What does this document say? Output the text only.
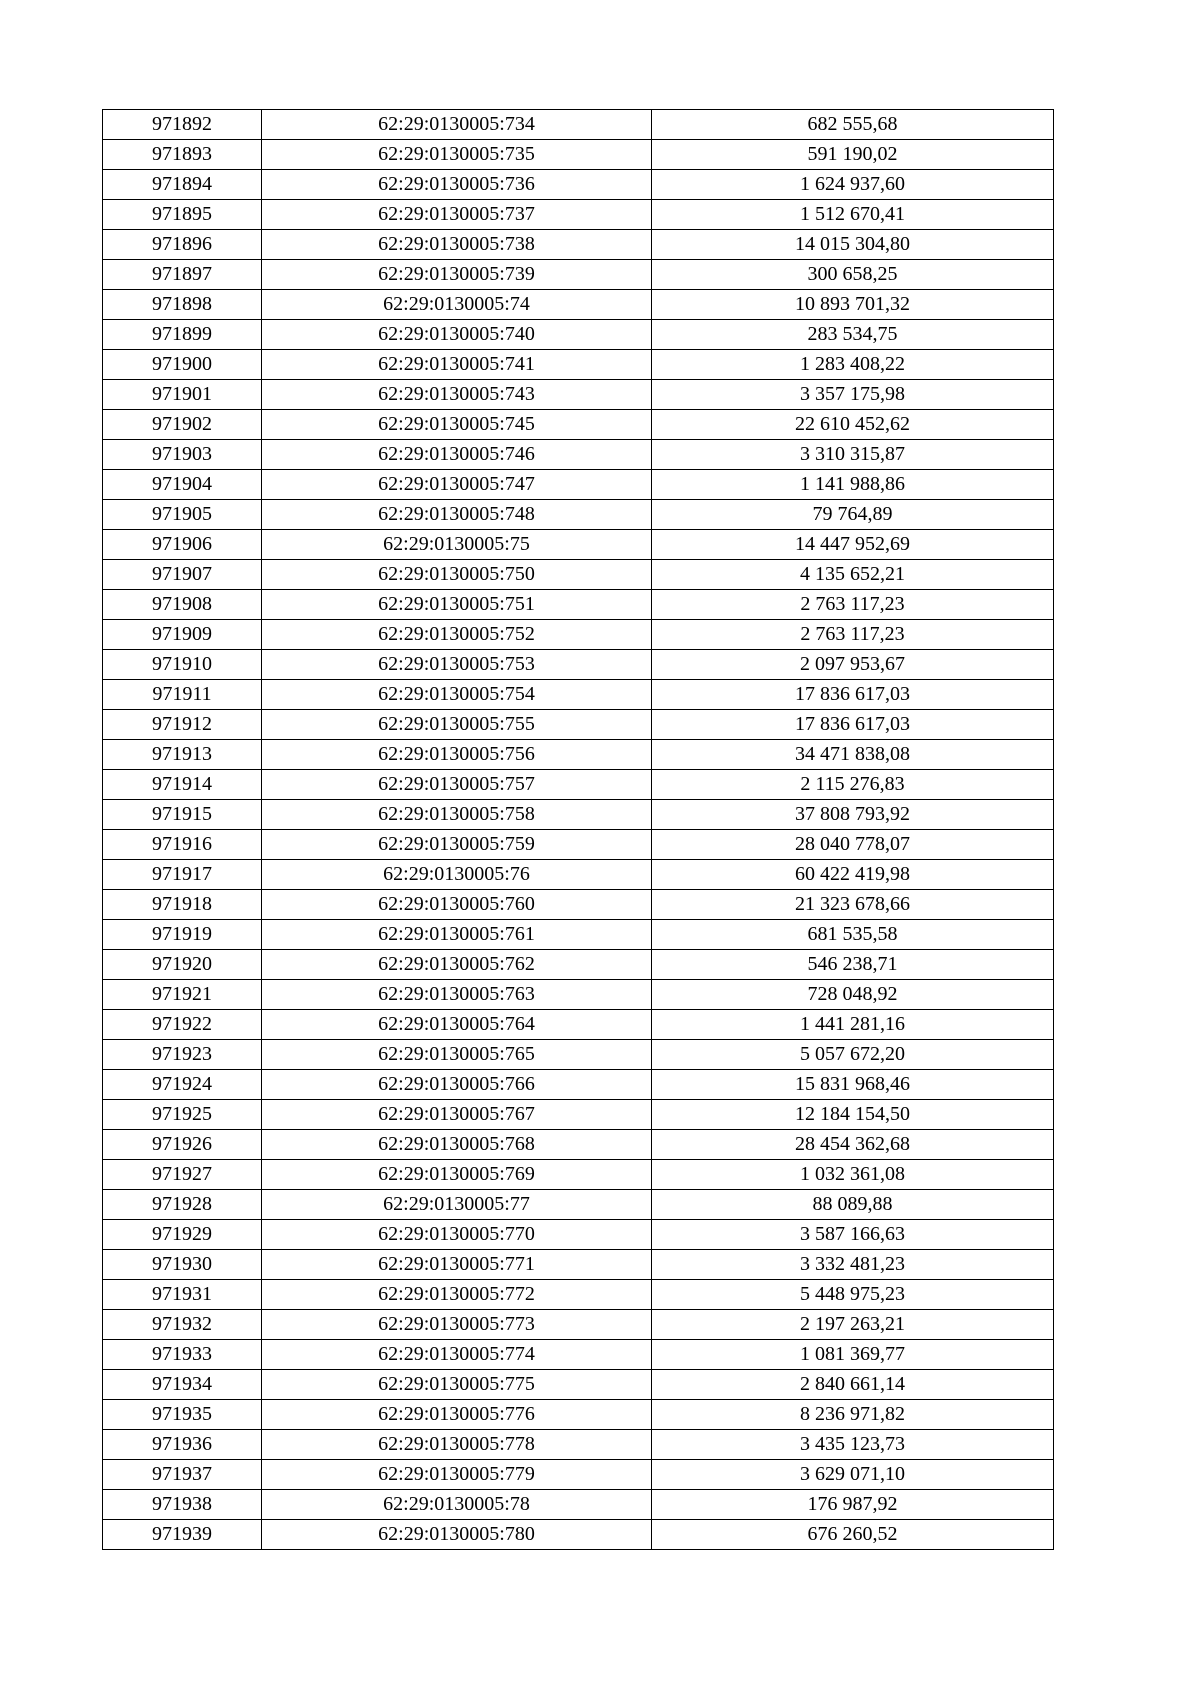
971892	62:29:0130005:734	682 555,68
971893	62:29:0130005:735	591 190,02
971894	62:29:0130005:736	1 624 937,60
971895	62:29:0130005:737	1 512 670,41
971896	62:29:0130005:738	14 015 304,80
971897	62:29:0130005:739	300 658,25
971898	62:29:0130005:74	10 893 701,32
971899	62:29:0130005:740	283 534,75
971900	62:29:0130005:741	1 283 408,22
971901	62:29:0130005:743	3 357 175,98
971902	62:29:0130005:745	22 610 452,62
971903	62:29:0130005:746	3 310 315,87
971904	62:29:0130005:747	1 141 988,86
971905	62:29:0130005:748	79 764,89
971906	62:29:0130005:75	14 447 952,69
971907	62:29:0130005:750	4 135 652,21
971908	62:29:0130005:751	2 763 117,23
971909	62:29:0130005:752	2 763 117,23
971910	62:29:0130005:753	2 097 953,67
971911	62:29:0130005:754	17 836 617,03
971912	62:29:0130005:755	17 836 617,03
971913	62:29:0130005:756	34 471 838,08
971914	62:29:0130005:757	2 115 276,83
971915	62:29:0130005:758	37 808 793,92
971916	62:29:0130005:759	28 040 778,07
971917	62:29:0130005:76	60 422 419,98
971918	62:29:0130005:760	21 323 678,66
971919	62:29:0130005:761	681 535,58
971920	62:29:0130005:762	546 238,71
971921	62:29:0130005:763	728 048,92
971922	62:29:0130005:764	1 441 281,16
971923	62:29:0130005:765	5 057 672,20
971924	62:29:0130005:766	15 831 968,46
971925	62:29:0130005:767	12 184 154,50
971926	62:29:0130005:768	28 454 362,68
971927	62:29:0130005:769	1 032 361,08
971928	62:29:0130005:77	88 089,88
971929	62:29:0130005:770	3 587 166,63
971930	62:29:0130005:771	3 332 481,23
971931	62:29:0130005:772	5 448 975,23
971932	62:29:0130005:773	2 197 263,21
971933	62:29:0130005:774	1 081 369,77
971934	62:29:0130005:775	2 840 661,14
971935	62:29:0130005:776	8 236 971,82
971936	62:29:0130005:778	3 435 123,73
971937	62:29:0130005:779	3 629 071,10
971938	62:29:0130005:78	176 987,92
971939	62:29:0130005:780	676 260,52
